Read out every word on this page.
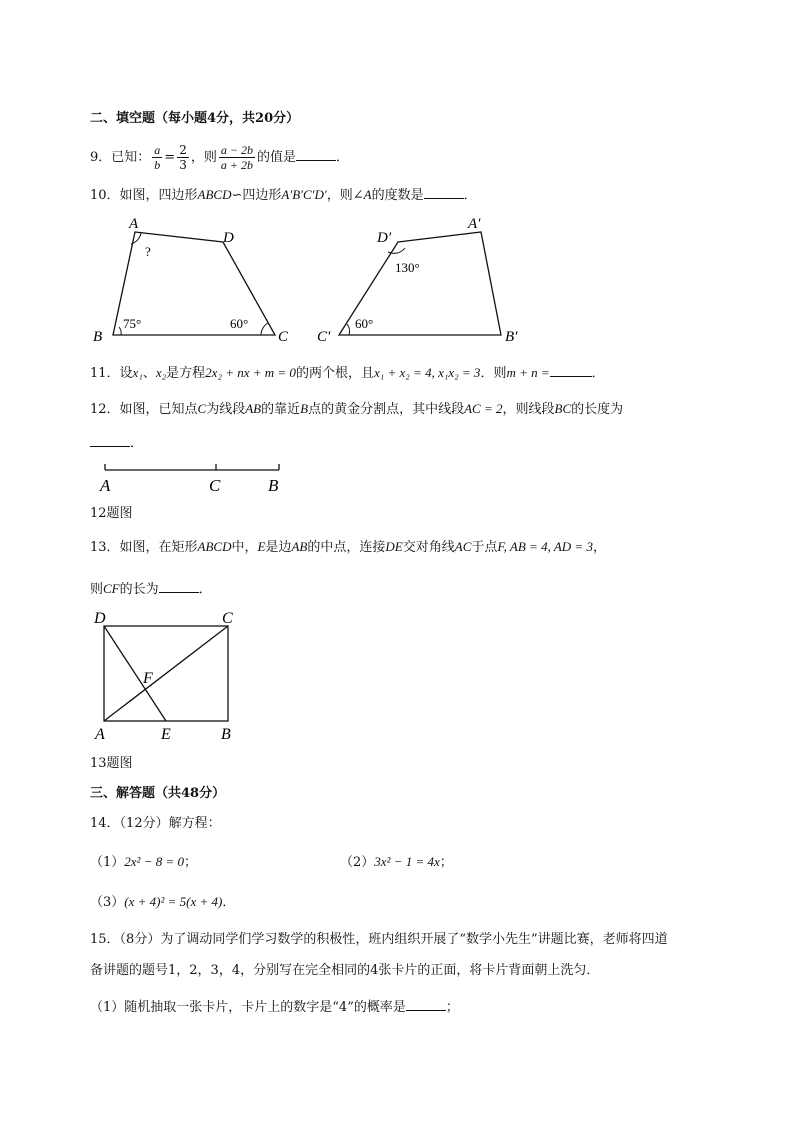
二、填空题（每小题4分，共20分）
9．已知： $\frac{a}{b} = \frac{2}{3}$ ，则 $\frac{a - 2b}{a + 2b}$ 的值是	．
10．如图，四边形ABCD∽四边形A′B′C′D′，则∠A的度数是	．
A
D
B	C
?
75°	60°
D′
A′
C′	B′
130°
60°
11．设x₁、x₂是方程2x₂ + nx + m = 0的两个根，且x₁ + x₂ = 4, x₁x₂ = 3．则m + n =	．
12．如图，已知点C为线段AB的靠近B点的黄金分割点，其中线段AC = 2，则线段BC的长度为
．
A	C	B
12题图
13．如图，在矩形ABCD中，E是边AB的中点，连接DE交对角线AC于点F, AB = 4, AD = 3，
则CF的长为	．
D	C
F
A	E	B
13题图
三、解答题（共48分）
14．（12分）解方程：
（1）2x² − 8 = 0；	（2）3x² − 1 = 4x；
（3）(x + 4)² = 5(x + 4)．
15．（8分）为了调动同学们学习数学的积极性，班内组织开展了“数学小先生”讲题比赛，老师将四道
备讲题的题号1，2，3，4，分别写在完全相同的4张卡片的正面，将卡片背面朝上洗匀．
（1）随机抽取一张卡片，卡片上的数字是“4”的概率是	；
